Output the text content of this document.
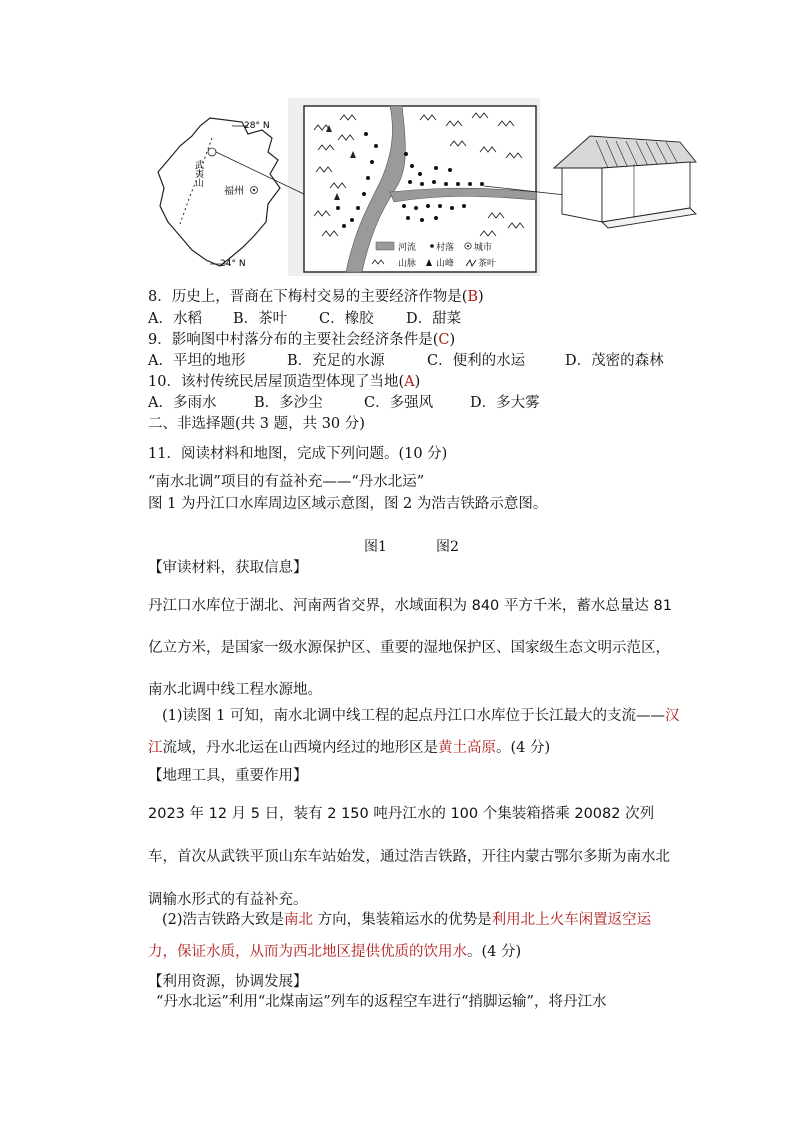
28° N
24° N
武夷山
福州
河流 村落 城市
山脉 山峰	茶叶
8．历史上，晋商在下梅村交易的主要经济作物是(B)
A．水稻 B．茶叶 C．橡胶 D．甜菜
9．影响图中村落分布的主要社会经济条件是(C)
A．平坦的地形	B．充足的水源	C．便利的水运	D．茂密的森林
10．该村传统民居屋顶造型体现了当地(A)
A．多雨水	B．多沙尘	C．多强风	D．多大雾
二、非选择题(共 3 题，共 30 分)
11．阅读材料和地图，完成下列问题。(10 分)
“南水北调”项目的有益补充——“丹水北运”
图 1 为丹江口水库周边区域示意图，图 2 为浩吉铁路示意图。
图1	图2
【审读材料，获取信息】
丹江口水库位于湖北、河南两省交界，水域面积为 840 平方千米，蓄水总量达 81 亿立方米，是国家一级水源保护区、重要的湿地保护区、国家级生态文明示范区，南水北调中线工程水源地。
(1)读图 1 可知，南水北调中线工程的起点丹江口水库位于长江最大的支流——汉江流域，丹水北运在山西境内经过的地形区是黄土高原。(4 分)
【地理工具，重要作用】
2023 年 12 月 5 日，装有 2 150 吨丹江水的 100 个集装箱搭乘 20082 次列车，首次从武铁平顶山东车站始发，通过浩吉铁路，开往内蒙古鄂尔多斯为南水北调输水形式的有益补充。
(2)浩吉铁路大致是南北 方向，集装箱运水的优势是利用北上火车闲置返空运力，保证水质，从而为西北地区提供优质的饮用水。(4 分)
【利用资源，协调发展】
“丹水北运”利用“北煤南运”列车的返程空车进行“捎脚运输”，将丹江水
